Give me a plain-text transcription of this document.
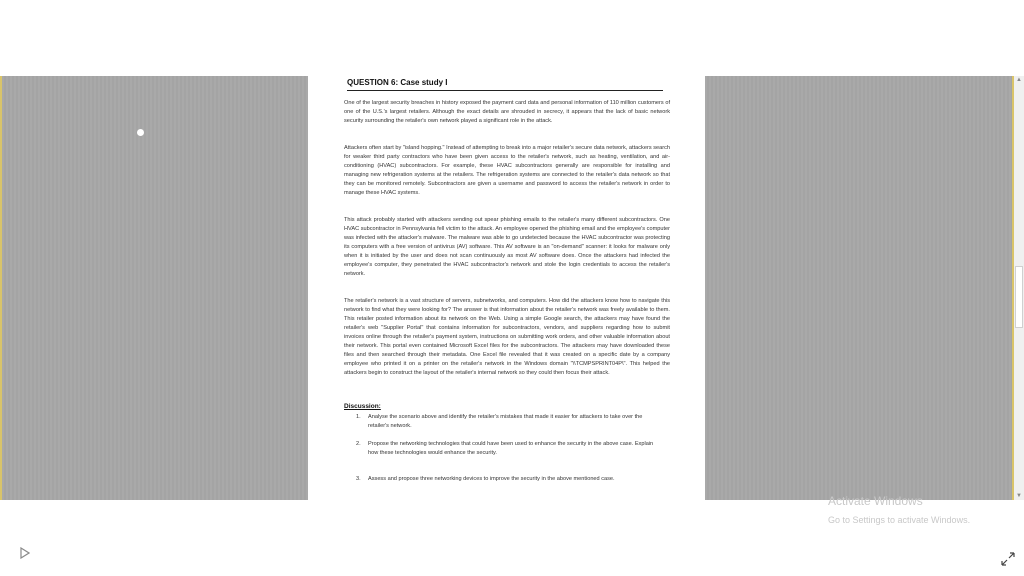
QUESTION 6: Case study I
One of the largest security breaches in history exposed the payment card data and personal information of 110 million customers of one of the U.S.'s largest retailers. Although the exact details are shrouded in secrecy, it appears that the lack of basic network security surrounding the retailer's own network played a significant role in the attack.
Attackers often start by "island hopping." Instead of attempting to break into a major retailer's secure data network, attackers search for weaker third party contractors who have been given access to the retailer's network, such as heating, ventilation, and air-conditioning (HVAC) subcontractors. For example, these HVAC subcontractors generally are responsible for installing and managing new refrigeration systems at the retailers. The refrigeration systems are connected to the retailer's data network so that they can be monitored remotely. Subcontractors are given a username and password to access the retailer's network in order to manage these HVAC systems.
This attack probably started with attackers sending out spear phishing emails to the retailer's many different subcontractors. One HVAC subcontractor in Pennsylvania fell victim to the attack. An employee opened the phishing email and the employee's computer was infected with the attacker's malware. The malware was able to go undetected because the HVAC subcontractor was protecting its computers with a free version of antivirus (AV) software. This AV software is an "on-demand" scanner: it looks for malware only when it is initiated by the user and does not scan continuously as most AV software does. Once the attackers had infected the employee's computer, they penetrated the HVAC subcontractor's network and stole the login credentials to access the retailer's network.
The retailer's network is a vast structure of servers, subnetworks, and computers. How did the attackers know how to navigate this network to find what they were looking for? The answer is that information about the retailer's network was freely available to them. This retailer posted information about its network on the Web. Using a simple Google search, the attackers may have found the retailer's web "Supplier Portal" that contains information for subcontractors, vendors, and suppliers regarding how to submit invoices online through the retailer's payment system, instructions on submitting work orders, and other valuable information about their network. This portal even contained Microsoft Excel files for the subcontractors. The attackers may have downloaded these files and then searched through their metadata. One Excel file revealed that it was created on a specific date by a company employee who printed it on a printer on the retailer's network in the Windows domain "\\TCMPSPRINT04P\". This helped the attackers begin to construct the layout of the retailer's internal network so they could then focus their attack.
Discussion:
1. Analyse the scenario above and identify the retailer's mistakes that made it easier for attackers to take over the retailer's network.
2. Propose the networking technologies that could have been used to enhance the security in the above case. Explain how these technologies would enhance the security.
3. Assess and propose three networking devices to improve the security in the above mentioned case.
▲
▼
Activate Windows
Go to Settings to activate Windows.
